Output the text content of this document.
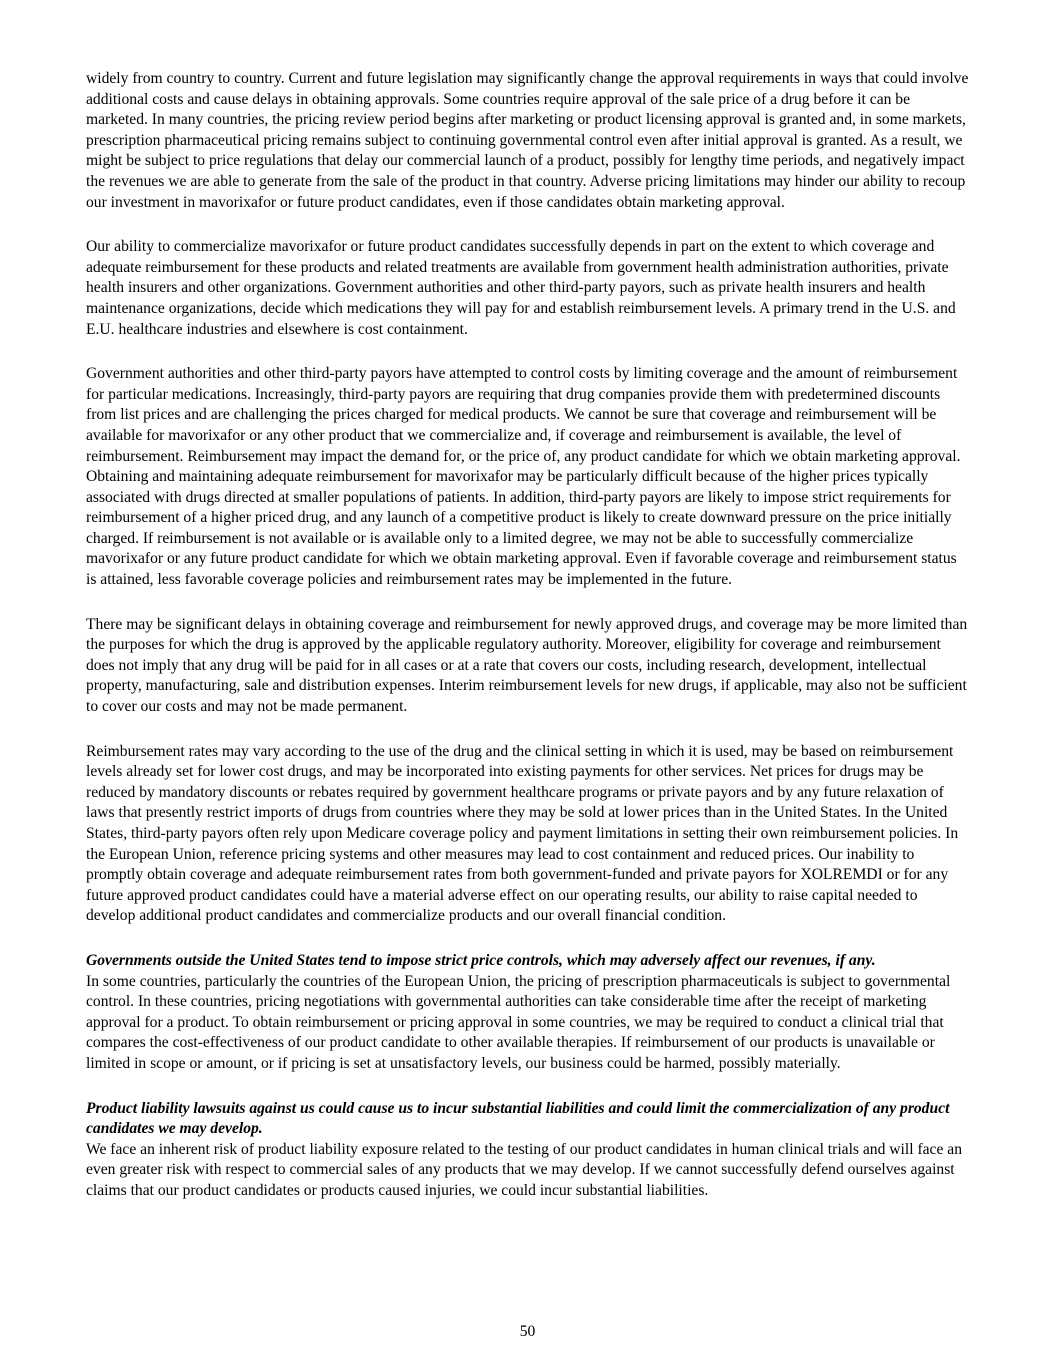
widely from country to country. Current and future legislation may significantly change the approval requirements in ways that could involve additional costs and cause delays in obtaining approvals. Some countries require approval of the sale price of a drug before it can be marketed. In many countries, the pricing review period begins after marketing or product licensing approval is granted and, in some markets, prescription pharmaceutical pricing remains subject to continuing governmental control even after initial approval is granted. As a result, we might be subject to price regulations that delay our commercial launch of a product, possibly for lengthy time periods, and negatively impact the revenues we are able to generate from the sale of the product in that country. Adverse pricing limitations may hinder our ability to recoup our investment in mavorixafor or future product candidates, even if those candidates obtain marketing approval.

Our ability to commercialize mavorixafor or future product candidates successfully depends in part on the extent to which coverage and adequate reimbursement for these products and related treatments are available from government health administration authorities, private health insurers and other organizations. Government authorities and other third-party payors, such as private health insurers and health maintenance organizations, decide which medications they will pay for and establish reimbursement levels. A primary trend in the U.S. and E.U. healthcare industries and elsewhere is cost containment.

Government authorities and other third-party payors have attempted to control costs by limiting coverage and the amount of reimbursement for particular medications. Increasingly, third-party payors are requiring that drug companies provide them with predetermined discounts from list prices and are challenging the prices charged for medical products. We cannot be sure that coverage and reimbursement will be available for mavorixafor or any other product that we commercialize and, if coverage and reimbursement is available, the level of reimbursement. Reimbursement may impact the demand for, or the price of, any product candidate for which we obtain marketing approval. Obtaining and maintaining adequate reimbursement for mavorixafor may be particularly difficult because of the higher prices typically associated with drugs directed at smaller populations of patients. In addition, third-party payors are likely to impose strict requirements for reimbursement of a higher priced drug, and any launch of a competitive product is likely to create downward pressure on the price initially charged. If reimbursement is not available or is available only to a limited degree, we may not be able to successfully commercialize mavorixafor or any future product candidate for which we obtain marketing approval. Even if favorable coverage and reimbursement status is attained, less favorable coverage policies and reimbursement rates may be implemented in the future.

There may be significant delays in obtaining coverage and reimbursement for newly approved drugs, and coverage may be more limited than the purposes for which the drug is approved by the applicable regulatory authority. Moreover, eligibility for coverage and reimbursement does not imply that any drug will be paid for in all cases or at a rate that covers our costs, including research, development, intellectual property, manufacturing, sale and distribution expenses. Interim reimbursement levels for new drugs, if applicable, may also not be sufficient to cover our costs and may not be made permanent.

Reimbursement rates may vary according to the use of the drug and the clinical setting in which it is used, may be based on reimbursement levels already set for lower cost drugs, and may be incorporated into existing payments for other services. Net prices for drugs may be reduced by mandatory discounts or rebates required by government healthcare programs or private payors and by any future relaxation of laws that presently restrict imports of drugs from countries where they may be sold at lower prices than in the United States. In the United States, third-party payors often rely upon Medicare coverage policy and payment limitations in setting their own reimbursement policies. In the European Union, reference pricing systems and other measures may lead to cost containment and reduced prices. Our inability to promptly obtain coverage and adequate reimbursement rates from both government-funded and private payors for XOLREMDI or for any future approved product candidates could have a material adverse effect on our operating results, our ability to raise capital needed to develop additional product candidates and commercialize products and our overall financial condition.

Governments outside the United States tend to impose strict price controls, which may adversely affect our revenues, if any.
In some countries, particularly the countries of the European Union, the pricing of prescription pharmaceuticals is subject to governmental control. In these countries, pricing negotiations with governmental authorities can take considerable time after the receipt of marketing approval for a product. To obtain reimbursement or pricing approval in some countries, we may be required to conduct a clinical trial that compares the cost-effectiveness of our product candidate to other available therapies. If reimbursement of our products is unavailable or limited in scope or amount, or if pricing is set at unsatisfactory levels, our business could be harmed, possibly materially.
Product liability lawsuits against us could cause us to incur substantial liabilities and could limit the commercialization of any product candidates we may develop.
We face an inherent risk of product liability exposure related to the testing of our product candidates in human clinical trials and will face an even greater risk with respect to commercial sales of any products that we may develop. If we cannot successfully defend ourselves against claims that our product candidates or products caused injuries, we could incur substantial liabilities.
50
